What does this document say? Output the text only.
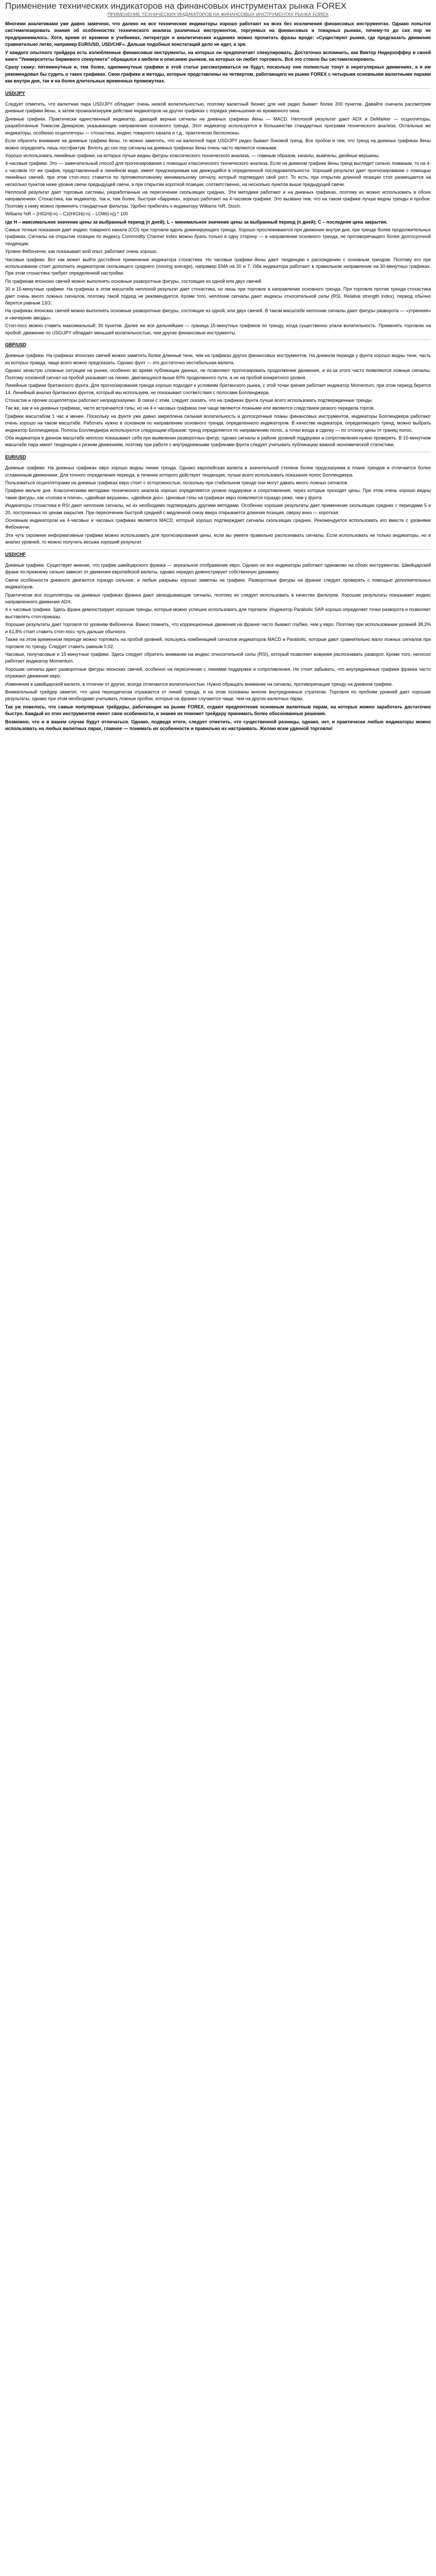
Применение технических индикаторов на финансовых инструментах рынка FOREX
ПРИМЕНЕНИЕ ТЕХНИЧЕСКИХ ИНДИКАТОРОВ НА ФИНАНСОВЫХ ИНСТРУМЕНТАХ РЫНКА FOREX

Многими аналитиками уже давно замечено, что далеко не все технические индикаторы хорошо работают на всех без исключения финансовых инструментах. Однако попыток систематизировать знания об особенностях технического анализа различных инструментов, торгуемых на финансовых и товарных рынках, почему-то до сих пор не предпринималось. Хотя, время от времени в учебниках, литературе и аналитических изданиях можно прочитать фразы вроде: «Существуют рынки, где предсказать движение сравнительно легко, например EUR/USD, USD/CHF». Дальше подобных констатаций дело не идет, а зря.

У каждого опытного трейдера есть излюбленные финансовые инструменты, на которых он предпочитает спекулировать. Достаточно вспомнить, как Виктор Нидерхоффер в своей книге "Университеты биржевого спекулянта" обращался к мебели и описанию рынков, на которых он любит торговать. Всё это стоило бы систематизировать.

Сразу скажу: пятиминутные и, тем более, одноминутные графики в этой статье рассматриваться не будут, поскольку они полностью тонут в нерегулярных движениях, а я им рекомендовал бы судить о таких графиках. Свои графики и методы, которые представлены на четвертом, работающего на рынке FOREX с четырьмя основными валютными парами как внутри дня, так и на более длительных временных промежутках.

USD/JPY

Следует отметить, что валютная пара USD/JPY обладает очень низкой волатильностью, поэтому валютный бизнес для неё редко бывает более 200 пунктов. Давайте сначала рассмотрим дневные графики йены, а затем проанализируем действие индикаторов на других графиках с порядка уменьшения их временного окна.

Дневные графики. Практически единственный индикатор, дающий верные сигналы на дневных графиках йены — MACD. Неплохой результат дают ADX и DeMarker — осцилляторы, разработанные Томасом Демарком, указывающие направление основного тренда. Этот индикатор используется в большинстве стандартных программ технического анализа. Остальные же индикаторы, особенно осцилляторы — стохастика, индекс товарного канала и т.д., практически бесполезны.

Если обратить внимание на дневные графики йены, то можно заметить, что на валютной паре USD/JPY редко бывает боковой тренд. Все пробои и тем, что тренд на дневных графиках йены можно определить лишь постфактум. Вплоть до сих пор сигналы на дневных графиках йены очень часто являются ложными.

Хорошо использовать линейные графики, на которых лучше видны фигуры классического технического анализа, — главным образом, каналы, вымпелы, двойные вершины.

4-часовые графики. Это — замечательный способ для прогнозирования с помощью классического технического анализа. Если на дневном графике йены тренд выглядит сильно ломаным, то на 4-х часовом тот же график, представленный в линейном виде, имеет предсказуемым как движущийся в определенной последовательности. Хороший результат дает прогнозирование с помощью линейных свечей, при этом стоп-лосс ставится по противоположному минимальному сигналу, который подтвердил свой рост. То есть, при открытии длинной позиции стоп размещается на несколько пунктов ниже уровня свечи предыдущей свечи, а при открытии короткой позиции, соответственно, на несколько пунктов выше предыдущей свечи.

Неплохой результат дает торговые системы, разработанные на пересечении скользящих средних. Эти методики работают и на дневных графиках, поэтому их можно использовать в обоих направлениях. Стохастика, как индикатор, так и, тем более, быстрая «баррика», хорошо работают на 4-часовом графике. Это вызвано тем, что на таком графике лучше видны тренды и пробои. Поэтому к нему можно применять стандартные фильтры. Удобно прибегать к индикатору Williams %R, Stoch.

Williams %R = (HIGH(i-n) – C)/(HIGH(i-n) – LOW(i-n)) * 100

где H – максимальное значение цены за выбранный период (n дней); L – минимальное значение цены за выбранный период (n дней); C – последняя цена закрытия.

Самые точные показания дает индекс товарного канала (CCI) при торговле вдоль доминирующего тренда. Хорошо прослеживаются при движении внутри дня, при тренде более продолжительных графиках. Сигналы на открытие позиции по индексу Commodity Channel Index можно брать только в одну сторону — в направлении основного тренда, не противоречащего более долгосрочной тенденции.

Уровни Фибоначчи, как показывает мой опыт, работают очень хорошо.

Часовые графики. Вот как может выйти достойное применение индикатора стохастики. Но часовые графики йены дают тенденцию к расхождению с основным трендом. Поэтому его при использовании стоит дополнить индикатором скользящего среднего (moving average), например EMA на 20 и 7. Оба индикатора работают в правильном направлении на 30-минутных графиках. При этом стохастика требует определенной настройки.

По графикам японских свечей можно выполнять основные разворотные фигуры, состоящие из одной или двух свечей.

30 и 15-минутные графики. На графиках в этом масштабе неплохой результат дает стохастика, но лишь при торговле в направлении основного тренда. При торговле против тренда стохастика дает очень много ложных сигналов, поэтому такой подход не рекомендуется. Кроме того, неплохие сигналы дают индексы относительной силы (RSI, Relative strength index), период обычно берется равным 13/3.

На графиках японских свечей можно выполнять основные разворотные фигуры, состоящие из одной, или двух свечей. В таком масштабе неплохие сигналы дают фигуры разворота — «утренняя» и «вечерняя звезды».

Стоп-лосс можно ставить максимальный: 30 пунктов. Далее же все дальнейшее — граница 15-минутных графиков по тренду, когда существенно упала волатильность. Применять торговлю на пробой: движение по USD/JPY обладает меньшей волатильностью, чем другие финансовые инструменты.

GBP/USD

Дневные графики. На графиках японских свечей можно заметить более длинные тени, чем на графиках других финансовых инструментов. На дневном периоде у фунта хорошо видны тени, часть из которых правда, чаще всего можно предсказать. Однако фунт — это достаточно нестабильная валюта.

Однако зачастую сложные ситуации на рынке, особенно во время публикации данных, не позволяют прогнозировать продолжение движения, и из-за этого часто появляются ложные сигналы. Поэтому основной сигнал на пробой указывает на линию, двигающуюся выше 60% проделанного пути, а не на пробой конкретного уровня.

Линейные графики британского фунта. Для прогнозирования тренда хорошо подходит к условиям британского рынка, с этой точки зрения работает индикатор Momentum, при этом период берется 14. Линейный анализ британских фунтов, который мы используем, не показывает соответствия с полосами Боллинджера.

Стохастик и прочие осцилляторы работают непредсказуемо. В связи с этим, следует сказать, что на графиках фунта лучше всего использовать подтвержденные тренды.

Так же, как и на дневных графиках, часто встречаются гэпы, но на 4-х часовых графиках они чаще являются ложными или являются следствием резкого передела торгов.

Графики масштабом 1 час и менее. Поскольку на фунте уже давно закреплена сильная волатильность и долгосрочные планы финансовых инструментов, индикаторы Боллинджера работают очень хорошо на таком масштабе. Работать нужно в основном по направлению основного тренда, определенного индикатором. В качестве индикатора, определяющего тренд, можно выбрать индикатор Боллинджера. Полосы Боллинджера используются следующим образом: тренд определяется по направлению полос, а точки входа в сделку — по отскоку цены от границ полос.

Оба индикатора в данном масштабе неплохо показывают себя при выявлении разворотных фигур, однако сигналы в районе уровней поддержки и сопротивления нужно проверять. В 15-минутном масштабе пара имеет тенденцию к резким движениям, поэтому при работе с внутридневными графиками фунта следует учитывать публикацию важной экономической статистики.

EUR/USD

Дневные графики. На дневных графиках евро хорошо видны линии тренда. Однако европейская валюта в значительной степени более предсказуема в плане трендов и отличается более сглаженным движением. Для точного определения периода, в течение которого действует тенденция, лучше всего использовать показания полос Боллинджера.

Пользоваться осцилляторами на дневных графиках евро стоит с осторожностью, поскольку при стабильном тренде они могут давать много ложных сигналов.

Графики мельче дня. Классическими методами технического анализа хорошо определяются уровни поддержки и сопротивления, через которые проходят цены. При этом очень хорошо видны такие фигуры, как «голова и плечи», «двойная вершина», «двойное дно». Ценовые гэпы на графиках евро появляются гораздо реже, чем у фунта.

Индикаторы стохастика и RSI дают неплохие сигналы, но их необходимо подтверждать другими методами. Особенно хорошие результаты дает применение скользящих средних с периодами 5 и 20, построенных по ценам закрытия. При пересечении быстрой средней с медленной снизу вверх открывается длинная позиция, сверху вниз — короткая.

Основным индикатором на 4-часовых и часовых графиках является MACD, который хорошо подтверждает сигналы скользящих средних. Рекомендуется использовать его вместе с уровнями Фибоначчи.

Эти чуть скромнее информативные графики можно использовать для прогнозирования цены, если вы умеете правильно распознавать сигналы. Если использовать не только индикаторы, но и анализ уровней, то можно получить весьма хороший результат.

USD/CHF

Дневные графики. Существует мнение, что график швейцарского франка — зеркальное отображение евро. Однако не все индикаторы работают одинаково на обоих инструментах. Швейцарский франк по-прежнему сильно зависит от движения европейской валюты, однако нередко демонстрирует собственную динамику.

Свечи особенности дневного двигаются гораздо сильнее, и любые разрывы хорошо заметны на графике. Разворотные фигуры на франке следует проверять с помощью дополнительных индикаторов.

Практически все осцилляторы на дневных графиках франка дают запаздывающие сигналы, поэтому их следует использовать в качестве фильтров. Хорошие результаты показывает индекс направленного движения ADX.

4-х часовые графики. Здесь франк демонстрирует хорошие тренды, которые можно успешно использовать для торговли. Индикатор Parabolic SAR хорошо определяет точки разворота и позволяет выставлять стоп-приказы.

Хорошие результаты дает торговля по уровням Фибоначчи. Важно помнить, что коррекционные движения на франке часто бывают глубже, чем у евро. Поэтому при использовании уровней 38,2% и 61,8% стоит ставить стоп-лосс чуть дальше обычного.

Также на этом временном периоде можно торговать на пробой уровней, пользуясь комбинацией сигналов индикаторов MACD и Parabolic, которые дают сравнительно мало ложных сигналов при торговле по тренду. Следует ставить равным 0,02.

Часовые, получасовые и 15-минутные графики. Здесь следует обратить внимание на индекс относительной силы (RSI), который позволяет вовремя распознавать разворот. Кроме того, неплохо работает индикатор Momentum.

Хорошие сигналы дают разворотные фигуры японских свечей, особенно на пересечении с линиями поддержки и сопротивления. Не стоит забывать, что внутридневные графики франка часто отражают движения евро.

Изменения в швейцарской валюте, в отличие от других, всегда отличаются волатильностью. Нужно обращать внимание на сигналы, противоречащие тренду на дневном графике.

Внимательный трейдер заметит, что цена периодически отражается от линий тренда, и на этом основаны многие внутридневные стратегии. Торговля по пробоям уровней дает хорошие результаты, однако при этом необходимо учитывать ложные пробои, которые на франке случаются чаще, чем на других валютных парах.

Так уж повелось, что самые популярные трейдеры, работающие на рынке FOREX, отдают предпочтение основным валютным парам, на которых можно заработать достаточно быстро. Каждый из этих инструментов имеет свои особенности, и знание их поможет трейдеру принимать более обоснованные решения.

Возможно, что и в вашем случае будут отличаться. Однако, подведя итоги, следует отметить, что существенной разницы, однако, нет, и практически любые индикаторы можно использовать на любых валютных парах, главное — понимать их особенности и правильно их настраивать. Желаю всем удачной торговли!
